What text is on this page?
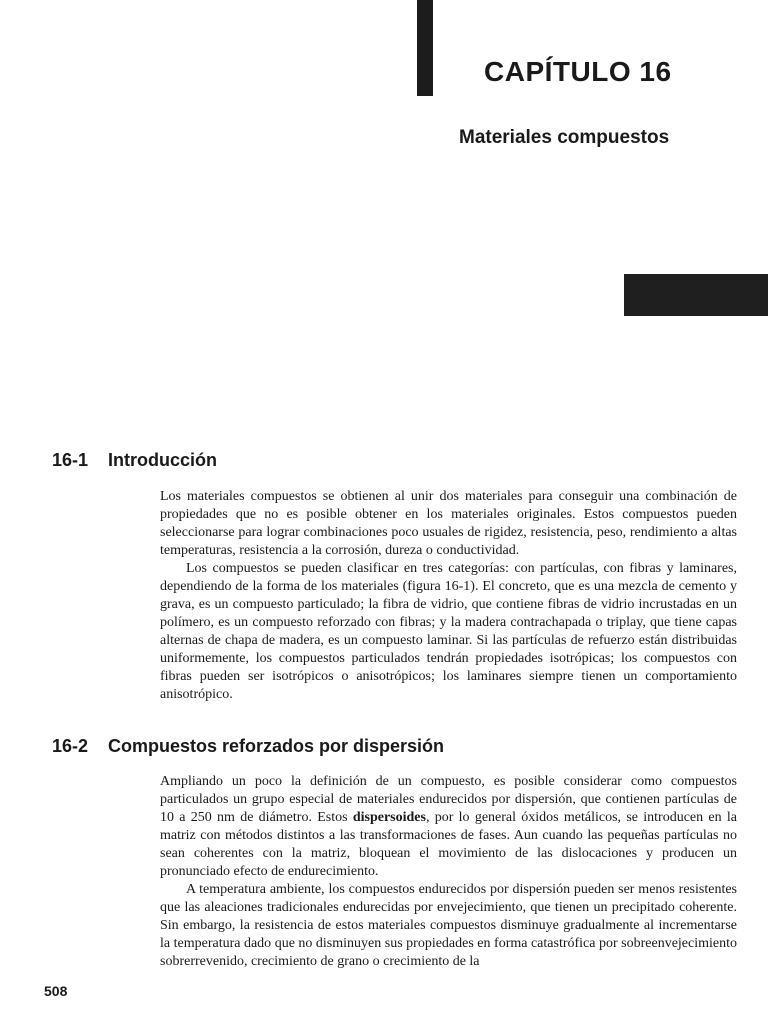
CAPÍTULO 16
Materiales compuestos
16-1 Introducción

Los materiales compuestos se obtienen al unir dos materiales para conseguir una combinación de propiedades que no es posible obtener en los materiales originales. Estos compuestos pueden seleccionarse para lograr combinaciones poco usuales de rigidez, resistencia, peso, rendimiento a altas temperaturas, resistencia a la corrosión, dureza o conductividad.

Los compuestos se pueden clasificar en tres categorías: con partículas, con fibras y laminares, dependiendo de la forma de los materiales (figura 16-1). El concreto, que es una mezcla de cemento y grava, es un compuesto particulado; la fibra de vidrio, que contiene fibras de vidrio incrustadas en un polímero, es un compuesto reforzado con fibras; y la madera contrachapada o triplay, que tiene capas alternas de chapa de madera, es un compuesto laminar. Si las partículas de refuerzo están distribuidas uniformemente, los compuestos particulados tendrán propiedades isotrópicas; los compuestos con fibras pueden ser isotrópicos o anisotrópicos; los laminares siempre tienen un comportamiento anisotrópico.

16-2 Compuestos reforzados por dispersión

Ampliando un poco la definición de un compuesto, es posible considerar como compuestos particulados un grupo especial de materiales endurecidos por dispersión, que contienen partículas de 10 a 250 nm de diámetro. Estos dispersoides, por lo general óxidos metálicos, se introducen en la matriz con métodos distintos a las transformaciones de fases. Aun cuando las pequeñas partículas no sean coherentes con la matriz, bloquean el movimiento de las dislocaciones y producen un pronunciado efecto de endurecimiento.

A temperatura ambiente, los compuestos endurecidos por dispersión pueden ser menos resistentes que las aleaciones tradicionales endurecidas por envejecimiento, que tienen un precipitado coherente. Sin embargo, la resistencia de estos materiales compuestos disminuye gradualmente al incrementarse la temperatura dado que no disminuyen sus propiedades en forma catastrófica por sobreenvejecimiento sobrerrevenido, crecimiento de grano o crecimiento de la

508
